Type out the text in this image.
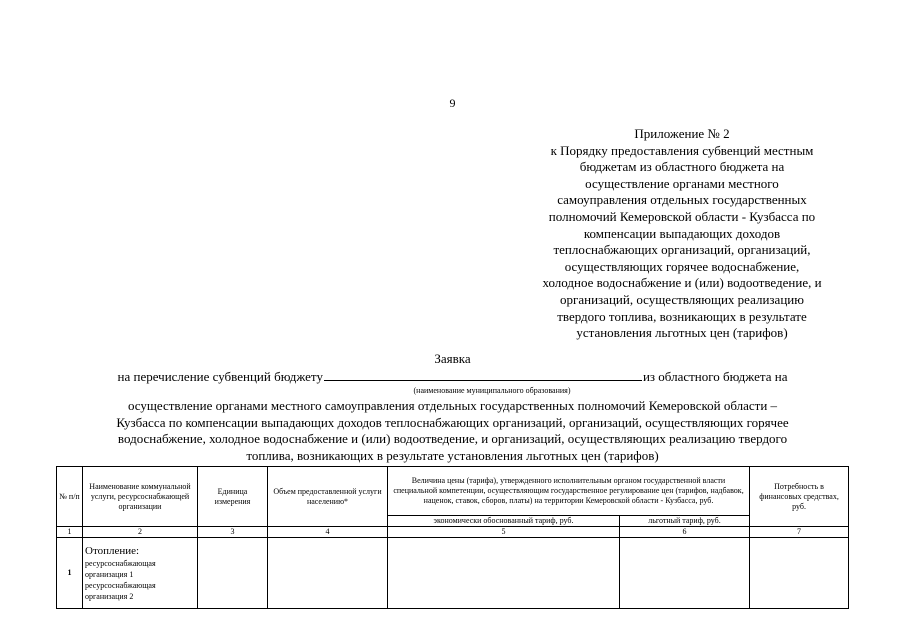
9
Приложение № 2
к Порядку предоставления субвенций местным
бюджетам из областного бюджета на
осуществление органами местного
самоуправления отдельных государственных
полномочий Кемеровской области - Кузбасса по
компенсации выпадающих доходов
теплоснабжающих организаций, организаций,
осуществляющих горячее водоснабжение,
холодное водоснабжение и (или) водоотведение, и
организаций, осуществляющих реализацию
твердого топлива, возникающих в результате
установления льготных цен (тарифов)
Заявка
на перечисление субвенций бюджету	из областного бюджета на
(наименование муниципального образования)
осуществление органами местного самоуправления отдельных государственных полномочий Кемеровской области –
Кузбасса по компенсации выпадающих доходов теплоснабжающих организаций, организаций, осуществляющих горячее
водоснабжение, холодное водоснабжение и (или) водоотведение, и организаций, осуществляющих реализацию твердого
топлива, возникающих в результате установления льготных цен (тарифов)
№ п/п	Наименование коммунальной услуги, ресурсоснабжающей организации	Единица измерения	Объем предоставленной услуги населению*	Величина цены (тарифа), утвержденного исполнительным органом государственной власти специальной компетенции, осуществляющим государственное регулирование цен (тарифов, надбавок, наценок, ставок, сборов, платы) на территории Кемеровской области - Кузбасса, руб.		Потребность в финансовых средствах, руб.
				экономически обоснованный тариф, руб.	льготный тариф, руб.	
1	2	3	4	5	6	7
1	Отопление:
ресурсоснабжающая организация 1
ресурсоснабжающая организация 2					
